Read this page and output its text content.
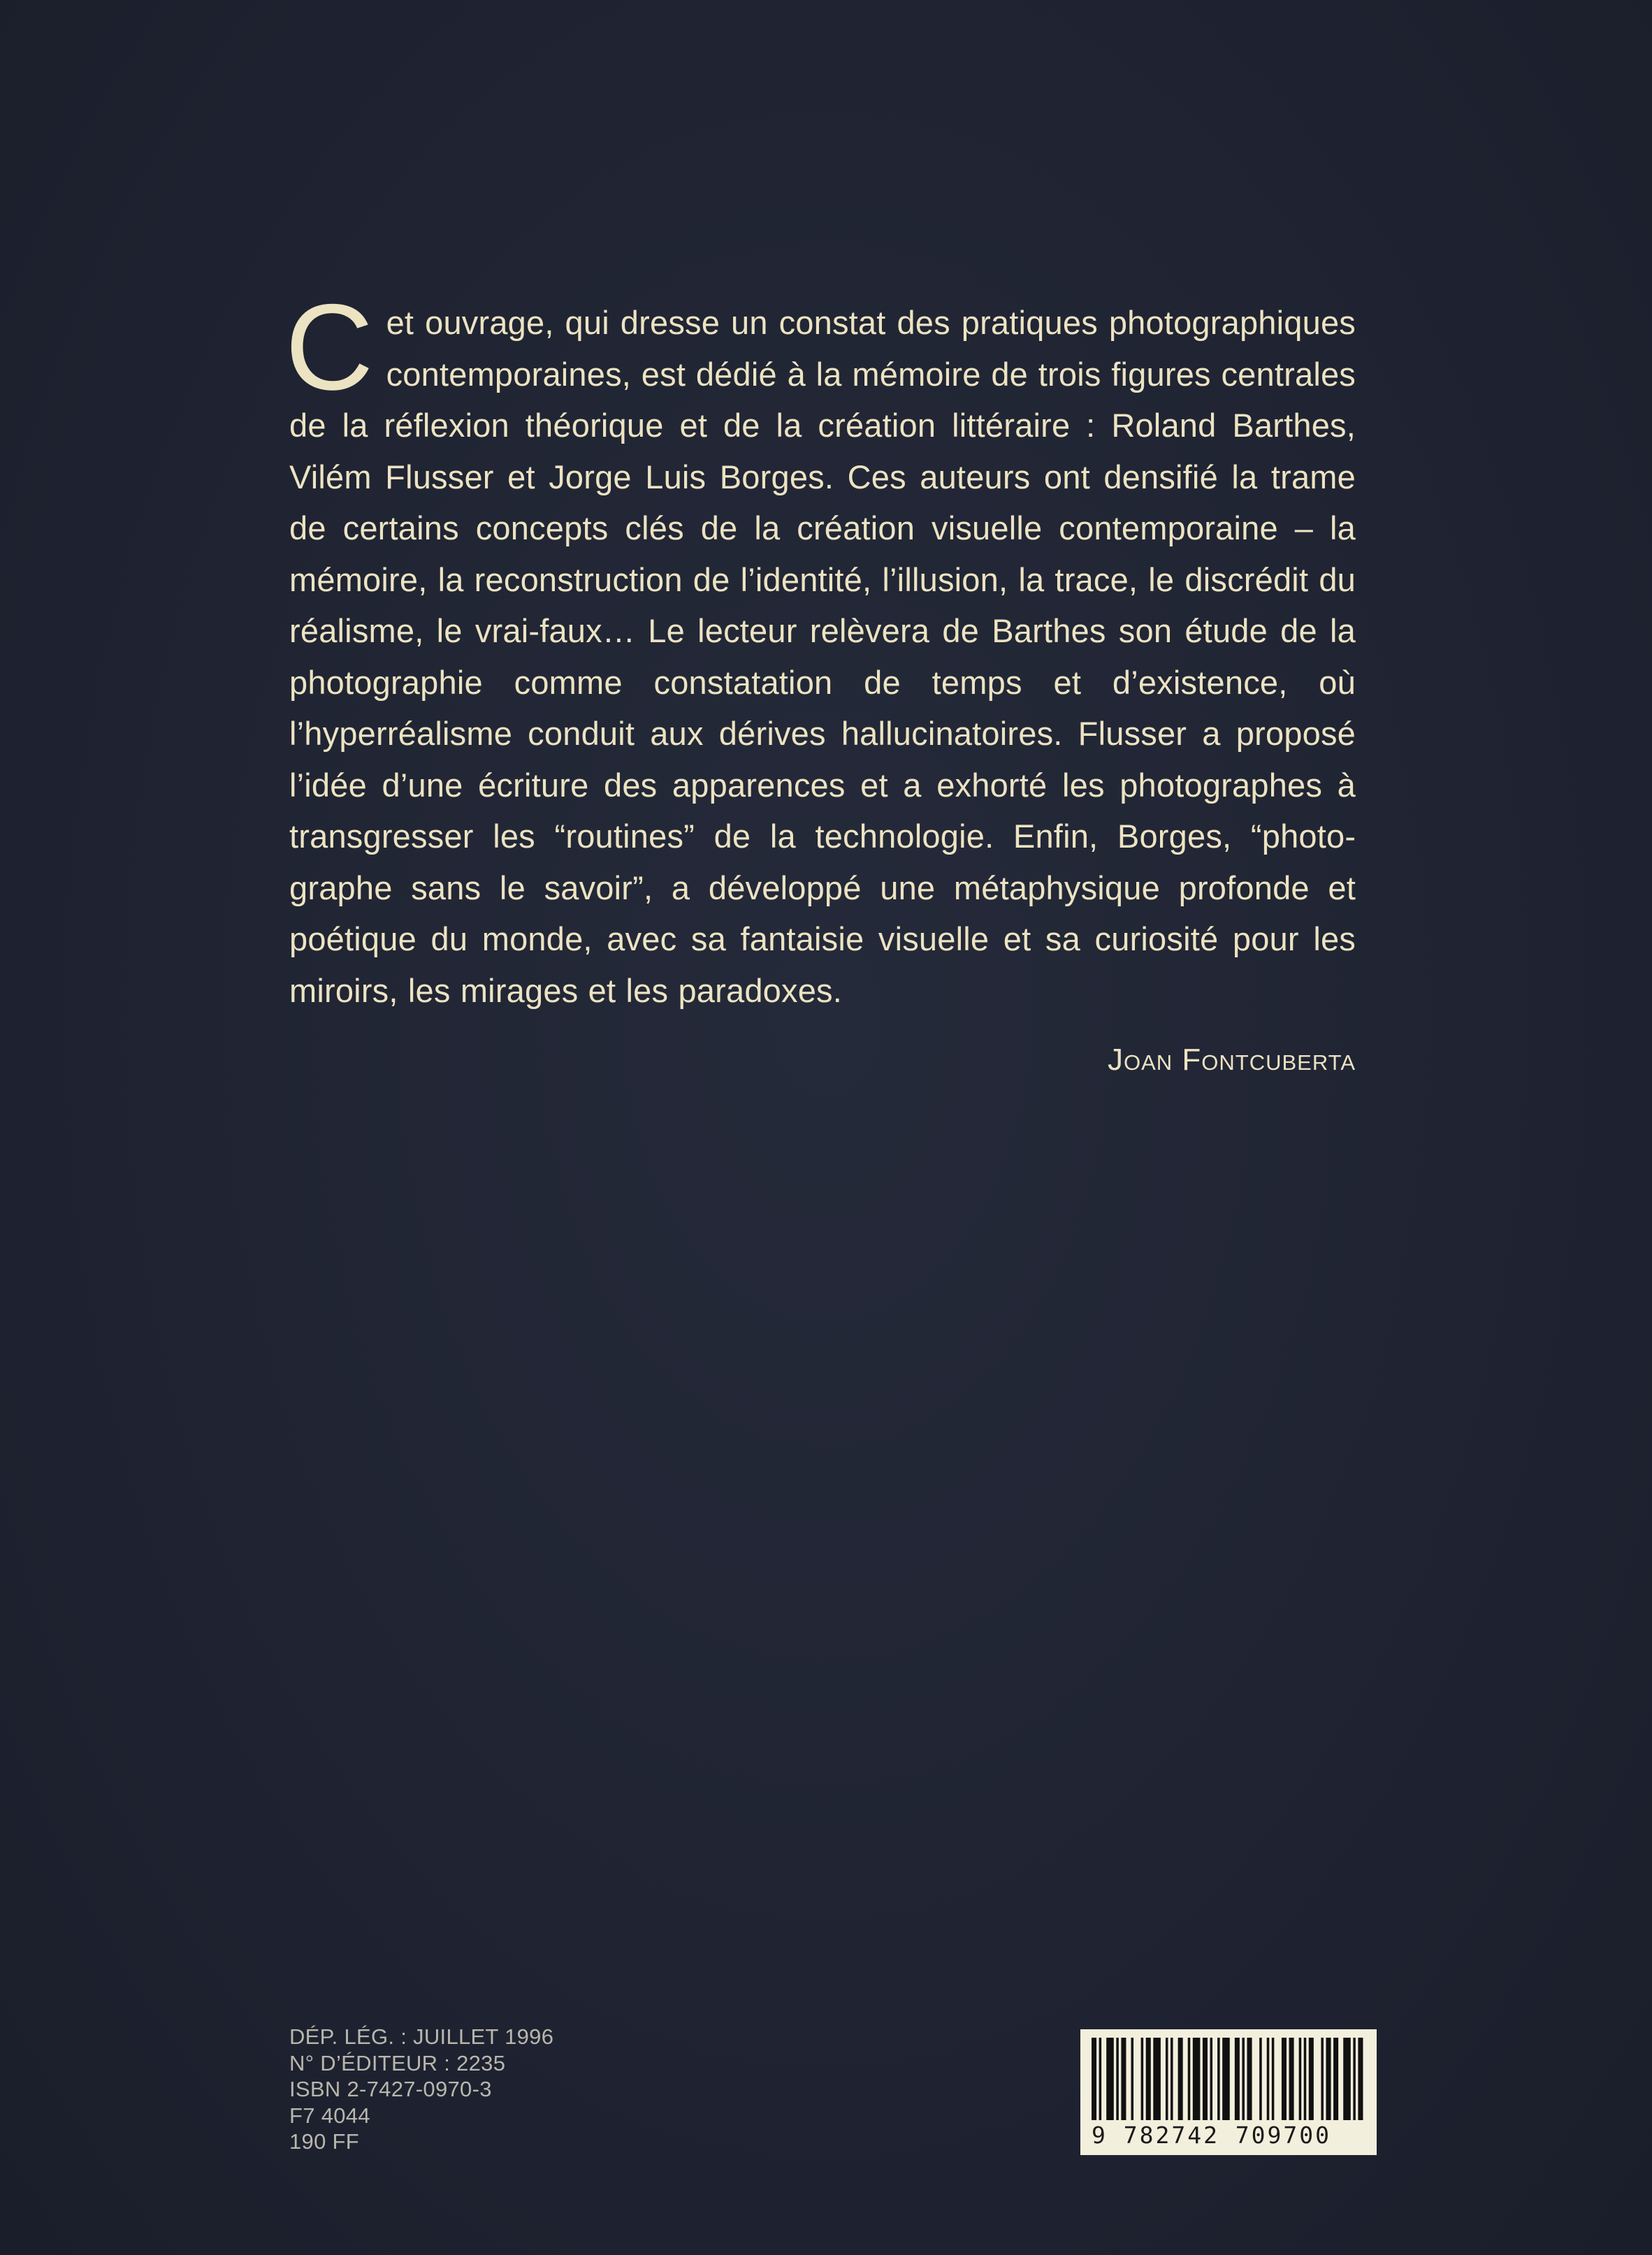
Cet ouvrage, qui dresse un constat des pratiques photographiques contemporaines, est dédié à la mémoire de trois figures centrales de la réflexion théorique et de la création littéraire : Roland Barthes, Vilém Flusser et Jorge Luis Borges. Ces auteurs ont densifié la trame de certains concepts clés de la création visuelle contemporaine – la mémoire, la reconstruction de l’identité, l’illusion, la trace, le discrédit du réalisme, le vrai-faux… Le lecteur relèvera de Barthes son étude de la photographie comme constatation de temps et d’existence, où l’hyperréalisme conduit aux dérives hallucinatoires. Flusser a proposé l’idée d’une écriture des apparences et a exhorté les photographes à transgresser les “routines” de la technologie. Enfin, Borges, “photographe sans le savoir”, a développé une métaphysique profonde et poétique du monde, avec sa fantaisie visuelle et sa curiosité pour les miroirs, les mirages et les paradoxes.
Joan Fontcuberta
DÉP. LÉG. : JUILLET 1996
N° D’ÉDITEUR : 2235
ISBN 2-7427-0970-3
F7 4044
190 FF	9 782742 709700
